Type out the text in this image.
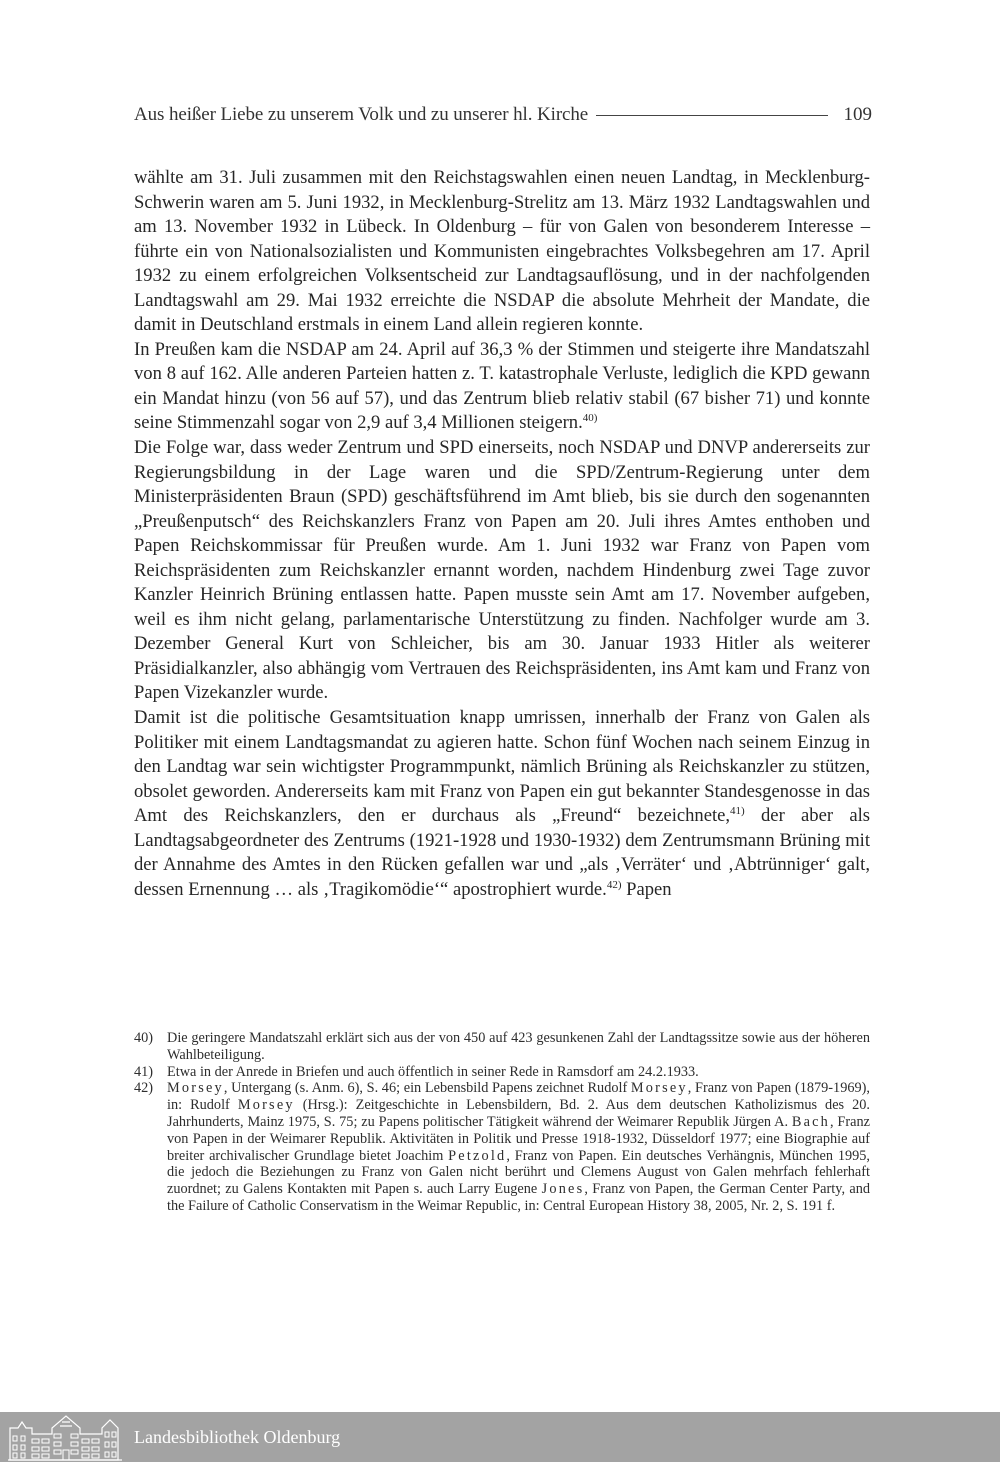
Aus heißer Liebe zu unserem Volk und zu unserer hl. Kirche	109

wählte am 31. Juli zusammen mit den Reichstagswahlen einen neuen Landtag, in Mecklenburg-Schwerin waren am 5. Juni 1932, in Mecklenburg-Strelitz am 13. März 1932 Landtagswahlen und am 13. November 1932 in Lübeck. In Oldenburg – für von Galen von besonderem Interesse – führte ein von Nationalsozialisten und Kommunisten eingebrachtes Volksbegehren am 17. April 1932 zu einem erfolgreichen Volksentscheid zur Landtagsauflösung, und in der nachfolgenden Landtagswahl am 29. Mai 1932 erreichte die NSDAP die absolute Mehrheit der Mandate, die damit in Deutschland erstmals in einem Land allein regieren konnte.

In Preußen kam die NSDAP am 24. April auf 36,3 % der Stimmen und steigerte ihre Mandatszahl von 8 auf 162. Alle anderen Parteien hatten z. T. katastrophale Verluste, lediglich die KPD gewann ein Mandat hinzu (von 56 auf 57), und das Zentrum blieb relativ stabil (67 bisher 71) und konnte seine Stimmenzahl sogar von 2,9 auf 3,4 Millionen steigern.$^{40)}$

Die Folge war, dass weder Zentrum und SPD einerseits, noch NSDAP und DNVP andererseits zur Regierungsbildung in der Lage waren und die SPD/Zentrum-Regierung unter dem Ministerpräsidenten Braun (SPD) geschäftsführend im Amt blieb, bis sie durch den sogenannten „Preußenputsch“ des Reichskanzlers Franz von Papen am 20. Juli ihres Amtes enthoben und Papen Reichskommissar für Preußen wurde. Am 1. Juni 1932 war Franz von Papen vom Reichspräsidenten zum Reichskanzler ernannt worden, nachdem Hindenburg zwei Tage zuvor Kanzler Heinrich Brüning entlassen hatte. Papen musste sein Amt am 17. November aufgeben, weil es ihm nicht gelang, parlamentarische Unterstützung zu finden. Nachfolger wurde am 3. Dezember General Kurt von Schleicher, bis am 30. Januar 1933 Hitler als weiterer Präsidialkanzler, also abhängig vom Vertrauen des Reichspräsidenten, ins Amt kam und Franz von Papen Vizekanzler wurde.

Damit ist die politische Gesamtsituation knapp umrissen, innerhalb der Franz von Galen als Politiker mit einem Landtagsmandat zu agieren hatte. Schon fünf Wochen nach seinem Einzug in den Landtag war sein wichtigster Programmpunkt, nämlich Brüning als Reichskanzler zu stützen, obsolet geworden. Andererseits kam mit Franz von Papen ein gut bekannter Standesgenosse in das Amt des Reichskanzlers, den er durchaus als „Freund“ bezeichnete,$^{41)}$ der aber als Landtagsabgeordneter des Zentrums (1921-1928 und 1930-1932) dem Zentrumsmann Brüning mit der Annahme des Amtes in den Rücken gefallen war und „als ‚Verräter‘ und ‚Abtrünniger‘ galt, dessen Ernennung … als ‚Tragikomödie‘“ apostrophiert wurde.$^{42)}$ Papen

40) Die geringere Mandatszahl erklärt sich aus der von 450 auf 423 gesunkenen Zahl der Landtagssitze sowie aus der höheren Wahlbeteiligung.
41) Etwa in der Anrede in Briefen und auch öffentlich in seiner Rede in Ramsdorf am 24.2.1933.
42) Morsey, Untergang (s. Anm. 6), S. 46; ein Lebensbild Papens zeichnet Rudolf Morsey, Franz von Papen (1879-1969), in: Rudolf Morsey (Hrsg.): Zeitgeschichte in Lebensbildern, Bd. 2. Aus dem deutschen Katholizismus des 20. Jahrhunderts, Mainz 1975, S. 75; zu Papens politischer Tätigkeit während der Weimarer Republik Jürgen A. Bach, Franz von Papen in der Weimarer Republik. Aktivitäten in Politik und Presse 1918-1932, Düsseldorf 1977; eine Biographie auf breiter archivalischer Grundlage bietet Joachim Petzold, Franz von Papen. Ein deutsches Verhängnis, München 1995, die jedoch die Beziehungen zu Franz von Galen nicht berührt und Clemens August von Galen mehrfach fehlerhaft zuordnet; zu Galens Kontakten mit Papen s. auch Larry Eugene Jones, Franz von Papen, the German Center Party, and the Failure of Catholic Conservatism in the Weimar Republic, in: Central European History 38, 2005, Nr. 2, S. 191 f.
Landesbibliothek Oldenburg
